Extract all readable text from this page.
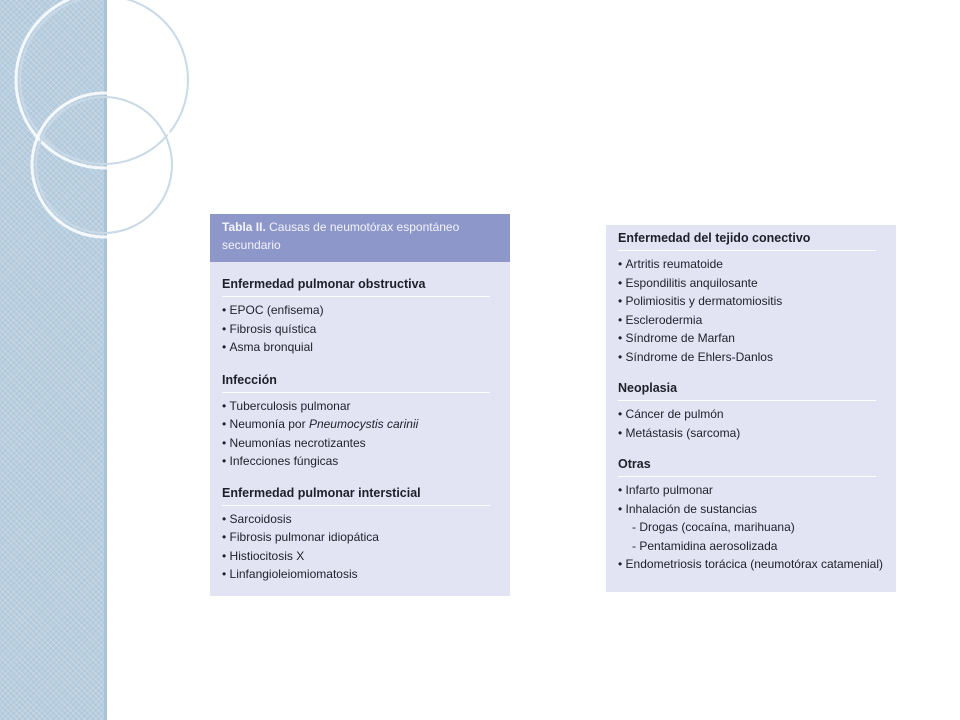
Tabla II. Causas de neumotórax espontáneo secundario
Enfermedad pulmonar obstructiva
• EPOC (enfisema)
• Fibrosis quística
• Asma bronquial
Infección
• Tuberculosis pulmonar
• Neumonía por Pneumocystis carinii
• Neumonías necrotizantes
• Infecciones fúngicas
Enfermedad pulmonar intersticial
• Sarcoidosis
• Fibrosis pulmonar idiopática
• Histiocitosis X
• Linfangioleiomiomatosis
Enfermedad del tejido conectivo
• Artritis reumatoide
• Espondilitis anquilosante
• Polimiositis y dermatomiositis
• Esclerodermia
• Síndrome de Marfan
• Síndrome de Ehlers-Danlos
Neoplasia
• Cáncer de pulmón
• Metástasis (sarcoma)
Otras
• Infarto pulmonar
• Inhalación de sustancias
- Drogas (cocaína, marihuana)
- Pentamidina aerosolizada
• Endometriosis torácica (neumotórax catamenial)
